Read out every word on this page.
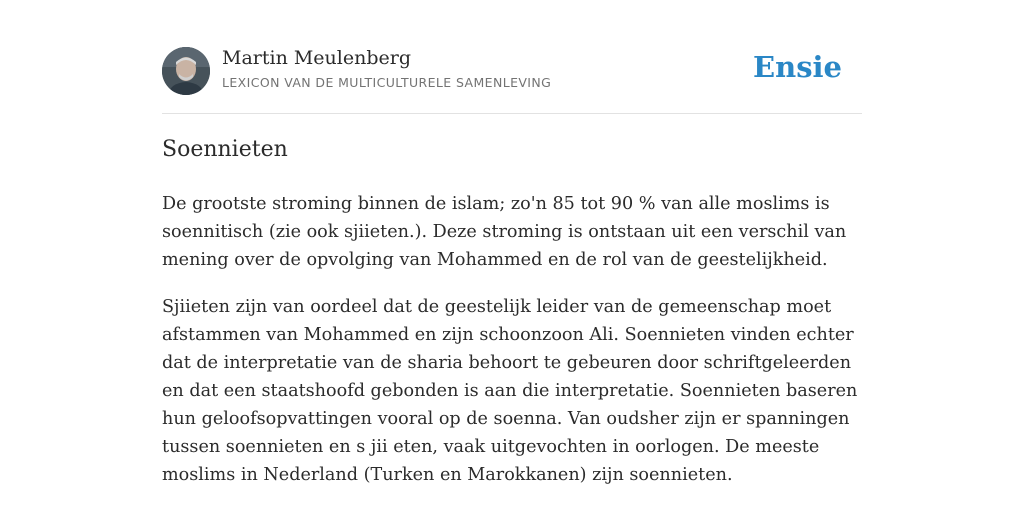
Martin Meulenberg
LEXICON VAN DE MULTICULTURELE SAMENLEVING	Ensie
Soennieten

De grootste stroming binnen de islam; zo'n 85 tot 90 % van alle moslims is soennitisch (zie ook sjiieten.). Deze stroming is ontstaan uit een verschil van mening over de opvolging van Mohammed en de rol van de geestelijkheid.

Sjiieten zijn van oordeel dat de geestelijk leider van de gemeenschap moet afstammen van Mohammed en zijn schoonzoon Ali. Soennieten vinden echter dat de interpretatie van de sharia behoort te gebeuren door schriftgeleerden en dat een staatshoofd gebonden is aan die interpretatie. Soennieten baseren hun geloofsopvattingen vooral op de soenna. Van oudsher zijn er spanningen tussen soennieten en s jii eten, vaak uitgevochten in oorlogen. De meeste moslims in Nederland (Turken en Marokkanen) zijn soennieten.
